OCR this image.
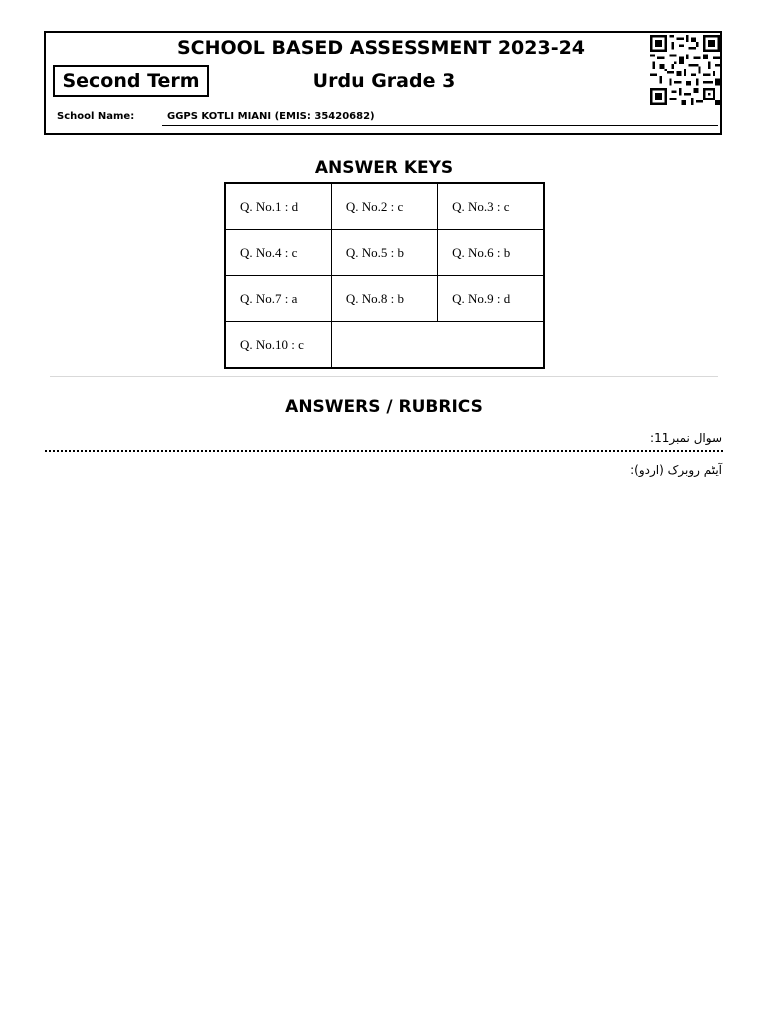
SCHOOL BASED ASSESSMENT 2023-24
Second Term	Urdu Grade 3
School Name:	GGPS KOTLI MIANI (EMIS: 35420682)
ANSWER KEYS
Q. No.1 : d	Q. No.2 : c	Q. No.3 : c
Q. No.4 : c	Q. No.5 : b	Q. No.6 : b
Q. No.7 : a	Q. No.8 : b	Q. No.9 : d
Q. No.10 : c		
ANSWERS / RUBRICS
سوال نمبر11:
آیٹم روبرک (اردو):
